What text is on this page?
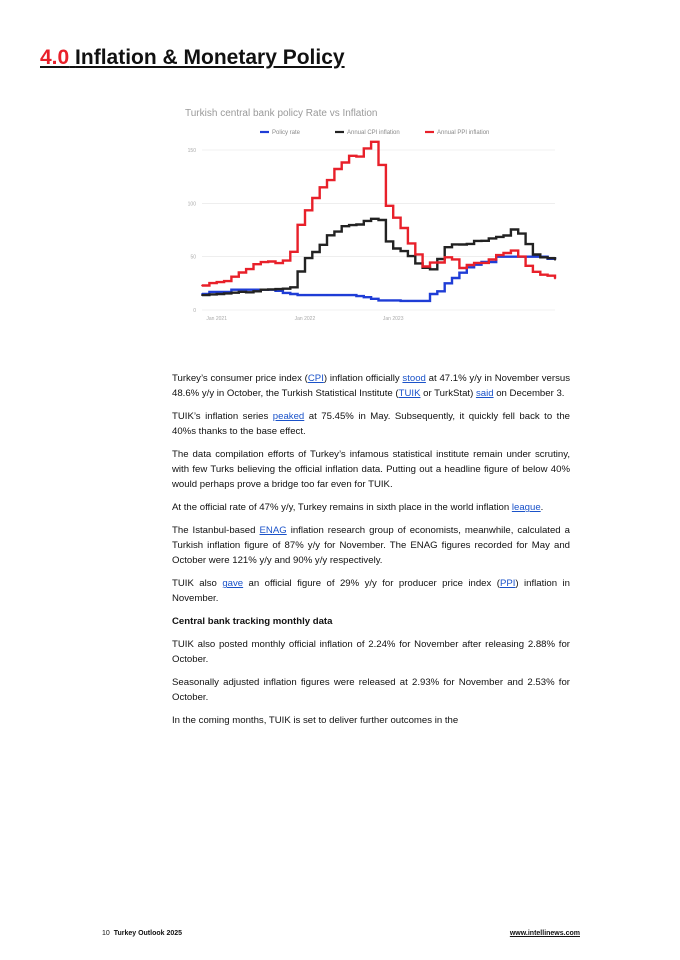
4.0 Inflation & Monetary Policy
Turkish central bank policy Rate vs Inflation
Policy rate	Annual CPI inflation	Annual PPI inflation
0
50
100
150
Jan 2021	Jan 2022	Jan 2023

Turkey’s consumer price index (CPI) inflation officially stood at 47.1% y/y in November versus 48.6% y/y in October, the Turkish Statistical Institute (TUIK or TurkStat) said on December 3.

TUIK’s inflation series peaked at 75.45% in May. Subsequently, it quickly fell back to the 40%s thanks to the base effect.

The data compilation efforts of Turkey’s infamous statistical institute remain under scrutiny, with few Turks believing the official inflation data. Putting out a headline figure of below 40% would perhaps prove a bridge too far even for TUIK.

At the official rate of 47% y/y, Turkey remains in sixth place in the world inflation league.

The Istanbul-based ENAG inflation research group of economists, meanwhile, calculated a Turkish inflation figure of 87% y/y for November. The ENAG figures recorded for May and October were 121% y/y and 90% y/y respectively.

TUIK also gave an official figure of 29% y/y for producer price index (PPI) inflation in November.

Central bank tracking monthly data

TUIK also posted monthly official inflation of 2.24% for November after releasing 2.88% for October.

Seasonally adjusted inflation figures were released at 2.93% for November and 2.53% for October.

In the coming months, TUIK is set to deliver further outcomes in the

10 Turkey Outlook 2025	www.intellinews.com
